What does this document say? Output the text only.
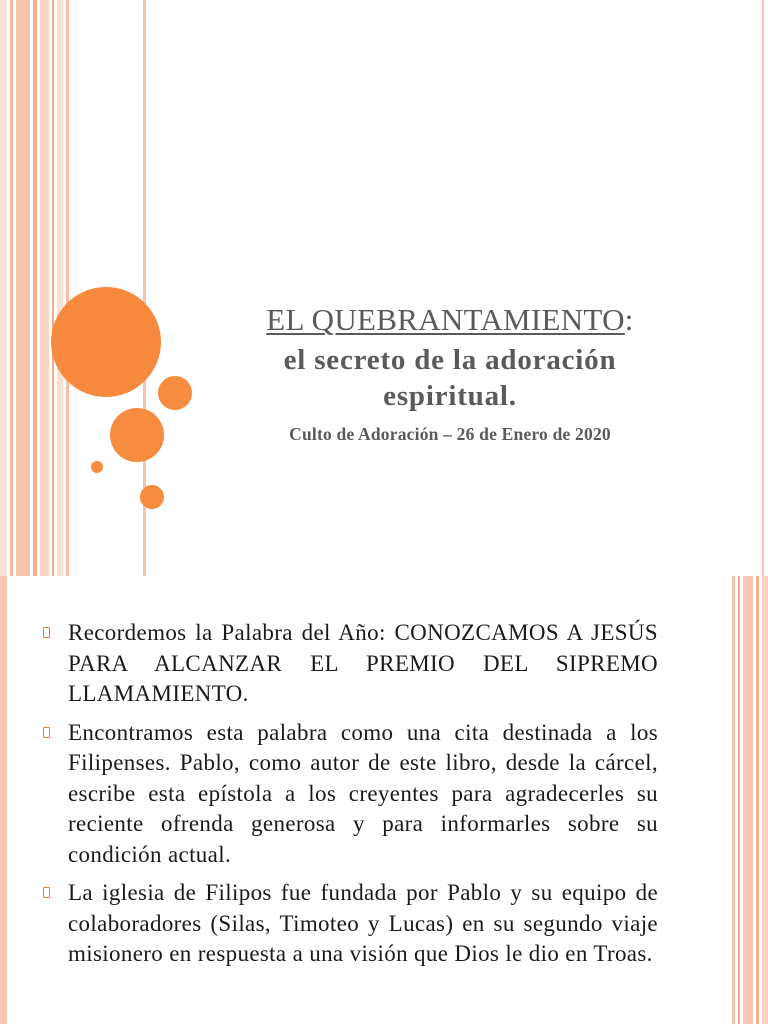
EL QUEBRANTAMIENTO:
el secreto de la adoración
espiritual.
Culto de Adoración – 26 de Enero de 2020
Recordemos la Palabra del Año: CONOZCAMOS A JESÚS PARA ALCANZAR EL PREMIO DEL SIPREMO LLAMAMIENTO.
Encontramos esta palabra como una cita destinada a los Filipenses. Pablo, como autor de este libro, desde la cárcel, escribe esta epístola a los creyentes para agradecerles su reciente ofrenda generosa y para informarles sobre su condición actual.
La iglesia de Filipos fue fundada por Pablo y su equipo de colaboradores (Silas, Timoteo y Lucas) en su segundo viaje misionero en respuesta a una visión que Dios le dio en Troas.
